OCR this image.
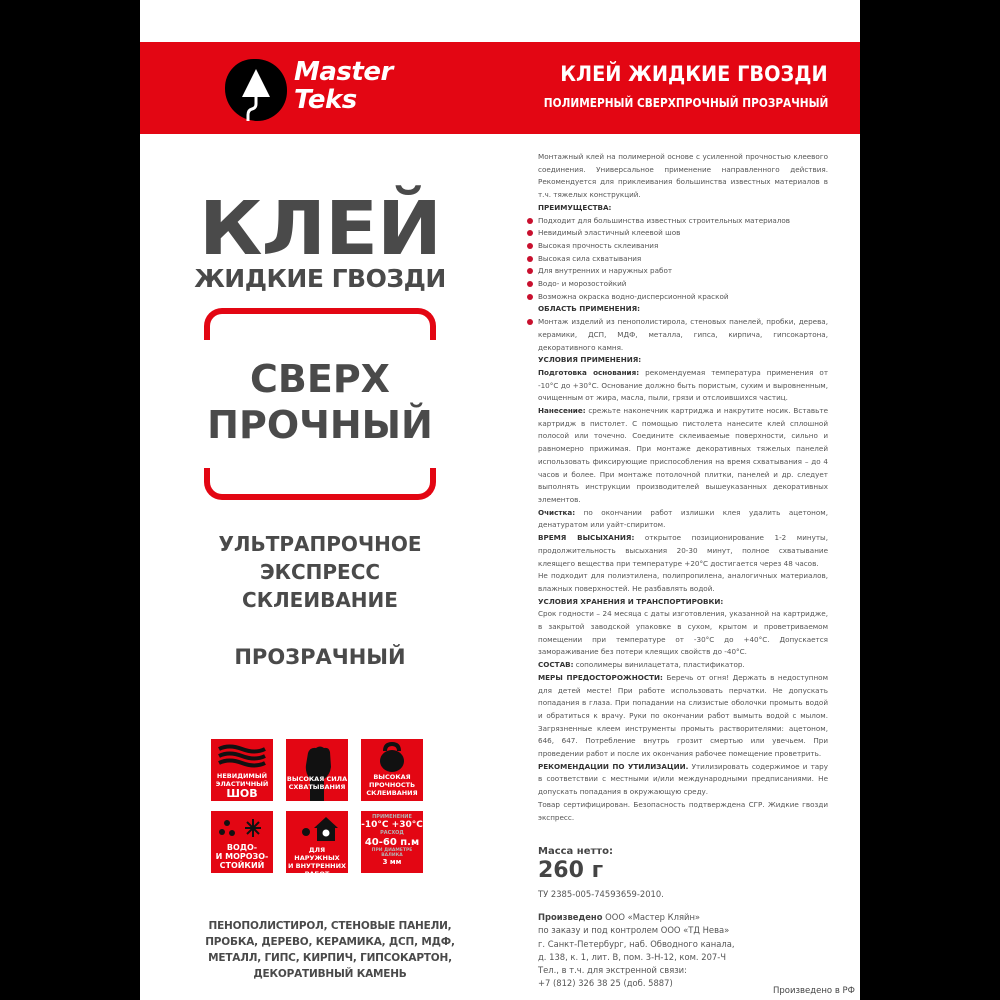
Master
Teks
КЛЕЙ ЖИДКИЕ ГВОЗДИ
ПОЛИМЕРНЫЙ СВЕРХПРОЧНЫЙ ПРОЗРАЧНЫЙ
КЛЕЙ
ЖИДКИЕ ГВОЗДИ
СВЕРХ
ПРОЧНЫЙ
УЛЬТРАПРОЧНОЕ
ЭКСПРЕСС
СКЛЕИВАНИЕ
ПРОЗРАЧНЫЙ
НЕВИДИМЫЙ
ЭЛАСТИЧНЫЙ
ШОВ
ВЫСОКАЯ СИЛА
СХВАТЫВАНИЯ
ВЫСОКАЯ
ПРОЧНОСТЬ
СКЛЕИВАНИЯ
ВОДО-
И МОРОЗО-
СТОЙКИЙ
ДЛЯ НАРУЖНЫХ
И ВНУТРЕННИХ
РАБОТ
ПРИМЕНЕНИЕ
-10°C +30°C
РАСХОД
40-60 п.м
ПРИ ДИАМЕТРЕ
ВАЛИКА
3 мм
ПЕНОПОЛИСТИРОЛ, СТЕНОВЫЕ ПАНЕЛИ,
ПРОБКА, ДЕРЕВО, КЕРАМИКА, ДСП, МДФ,
МЕТАЛЛ, ГИПС, КИРПИЧ, ГИПСОКАРТОН,
ДЕКОРАТИВНЫЙ КАМЕНЬ

Монтажный клей на полимерной основе с усиленной прочностью клеевого соединения. Универсальное применение направленного действия. Рекомендуется для приклеивания большинства известных материалов в т.ч. тяжелых конструкций.

ПРЕИМУЩЕСТВА:

Подходит для большинства известных строительных материалов
Невидимый эластичный клеевой шов
Высокая прочность склеивания
Высокая сила схватывания
Для внутренних и наружных работ
Водо- и морозостойкий
Возможна окраска водно-дисперсионной краской

ОБЛАСТЬ ПРИМЕНЕНИЯ:

Монтаж изделий из пенополистирола, стеновых панелей, пробки, дерева, керамики, ДСП, МДФ, металла, гипса, кирпича, гипсокартона, декоративного камня.

УСЛОВИЯ ПРИМЕНЕНИЯ:

Подготовка основания: рекомендуемая температура применения от -10°С до +30°С. Основание должно быть пористым, сухим и выровненным, очищенным от жира, масла, пыли, грязи и отслоившихся частиц.

Нанесение: срежьте наконечник картриджа и накрутите носик. Вставьте картридж в пистолет. С помощью пистолета нанесите клей сплошной полосой или точечно. Соедините склеиваемые поверхности, сильно и равномерно прижимая. При монтаже декоративных тяжелых панелей использовать фиксирующие приспособления на время схватывания – до 4 часов и более. При монтаже потолочной плитки, панелей и др. следует выполнять инструкции производителей вышеуказанных декоративных элементов.

Очистка: по окончании работ излишки клея удалить ацетоном, денатуратом или уайт-спиритом.

ВРЕМЯ ВЫСЫХАНИЯ: открытое позиционирование 1-2 минуты, продолжительность высыхания 20-30 минут, полное схватывание клеящего вещества при температуре +20°С достигается через 48 часов.

Не подходит для полиэтилена, полипропилена, аналогичных материалов, влажных поверхностей. Не разбавлять водой.

УСЛОВИЯ ХРАНЕНИЯ И ТРАНСПОРТИРОВКИ:

Срок годности – 24 месяца с даты изготовления, указанной на картридже, в закрытой заводской упаковке в сухом, крытом и проветриваемом помещении при температуре от -30°С до +40°С. Допускается замораживание без потери клеящих свойств до -40°С.

СОСТАВ: сополимеры винилацетата, пластификатор.

МЕРЫ ПРЕДОСТОРОЖНОСТИ: Беречь от огня! Держать в недоступном для детей месте! При работе использовать перчатки. Не допускать попадания в глаза. При попадании на слизистые оболочки промыть водой и обратиться к врачу. Руки по окончании работ вымыть водой с мылом. Загрязненные клеем инструменты промыть растворителями: ацетоном, 646, 647. Потребление внутрь грозит смертью или увечьем. При проведении работ и после их окончания рабочее помещение проветрить.

РЕКОМЕНДАЦИИ ПО УТИЛИЗАЦИИ. Утилизировать содержимое и тару в соответствии с местными и/или международными предписаниями. Не допускать попадания в окружающую среду.

Товар сертифицирован. Безопасность подтверждена СГР. Жидкие гвозди экспресс.

Масса нетто:
260 г
ТУ 2385-005-74593659-2010.
Произведено ООО «Мастер Кляйн»
по заказу и под контролем ООО «ТД Нева»
г. Санкт-Петербург, наб. Обводного канала,
д. 138, к. 1, лит. В, пом. 3-Н-12, ком. 207-Ч
Тел., в т.ч. для экстренной связи:
+7 (812) 326 38 25 (доб. 5887)
Произведено в РФ
